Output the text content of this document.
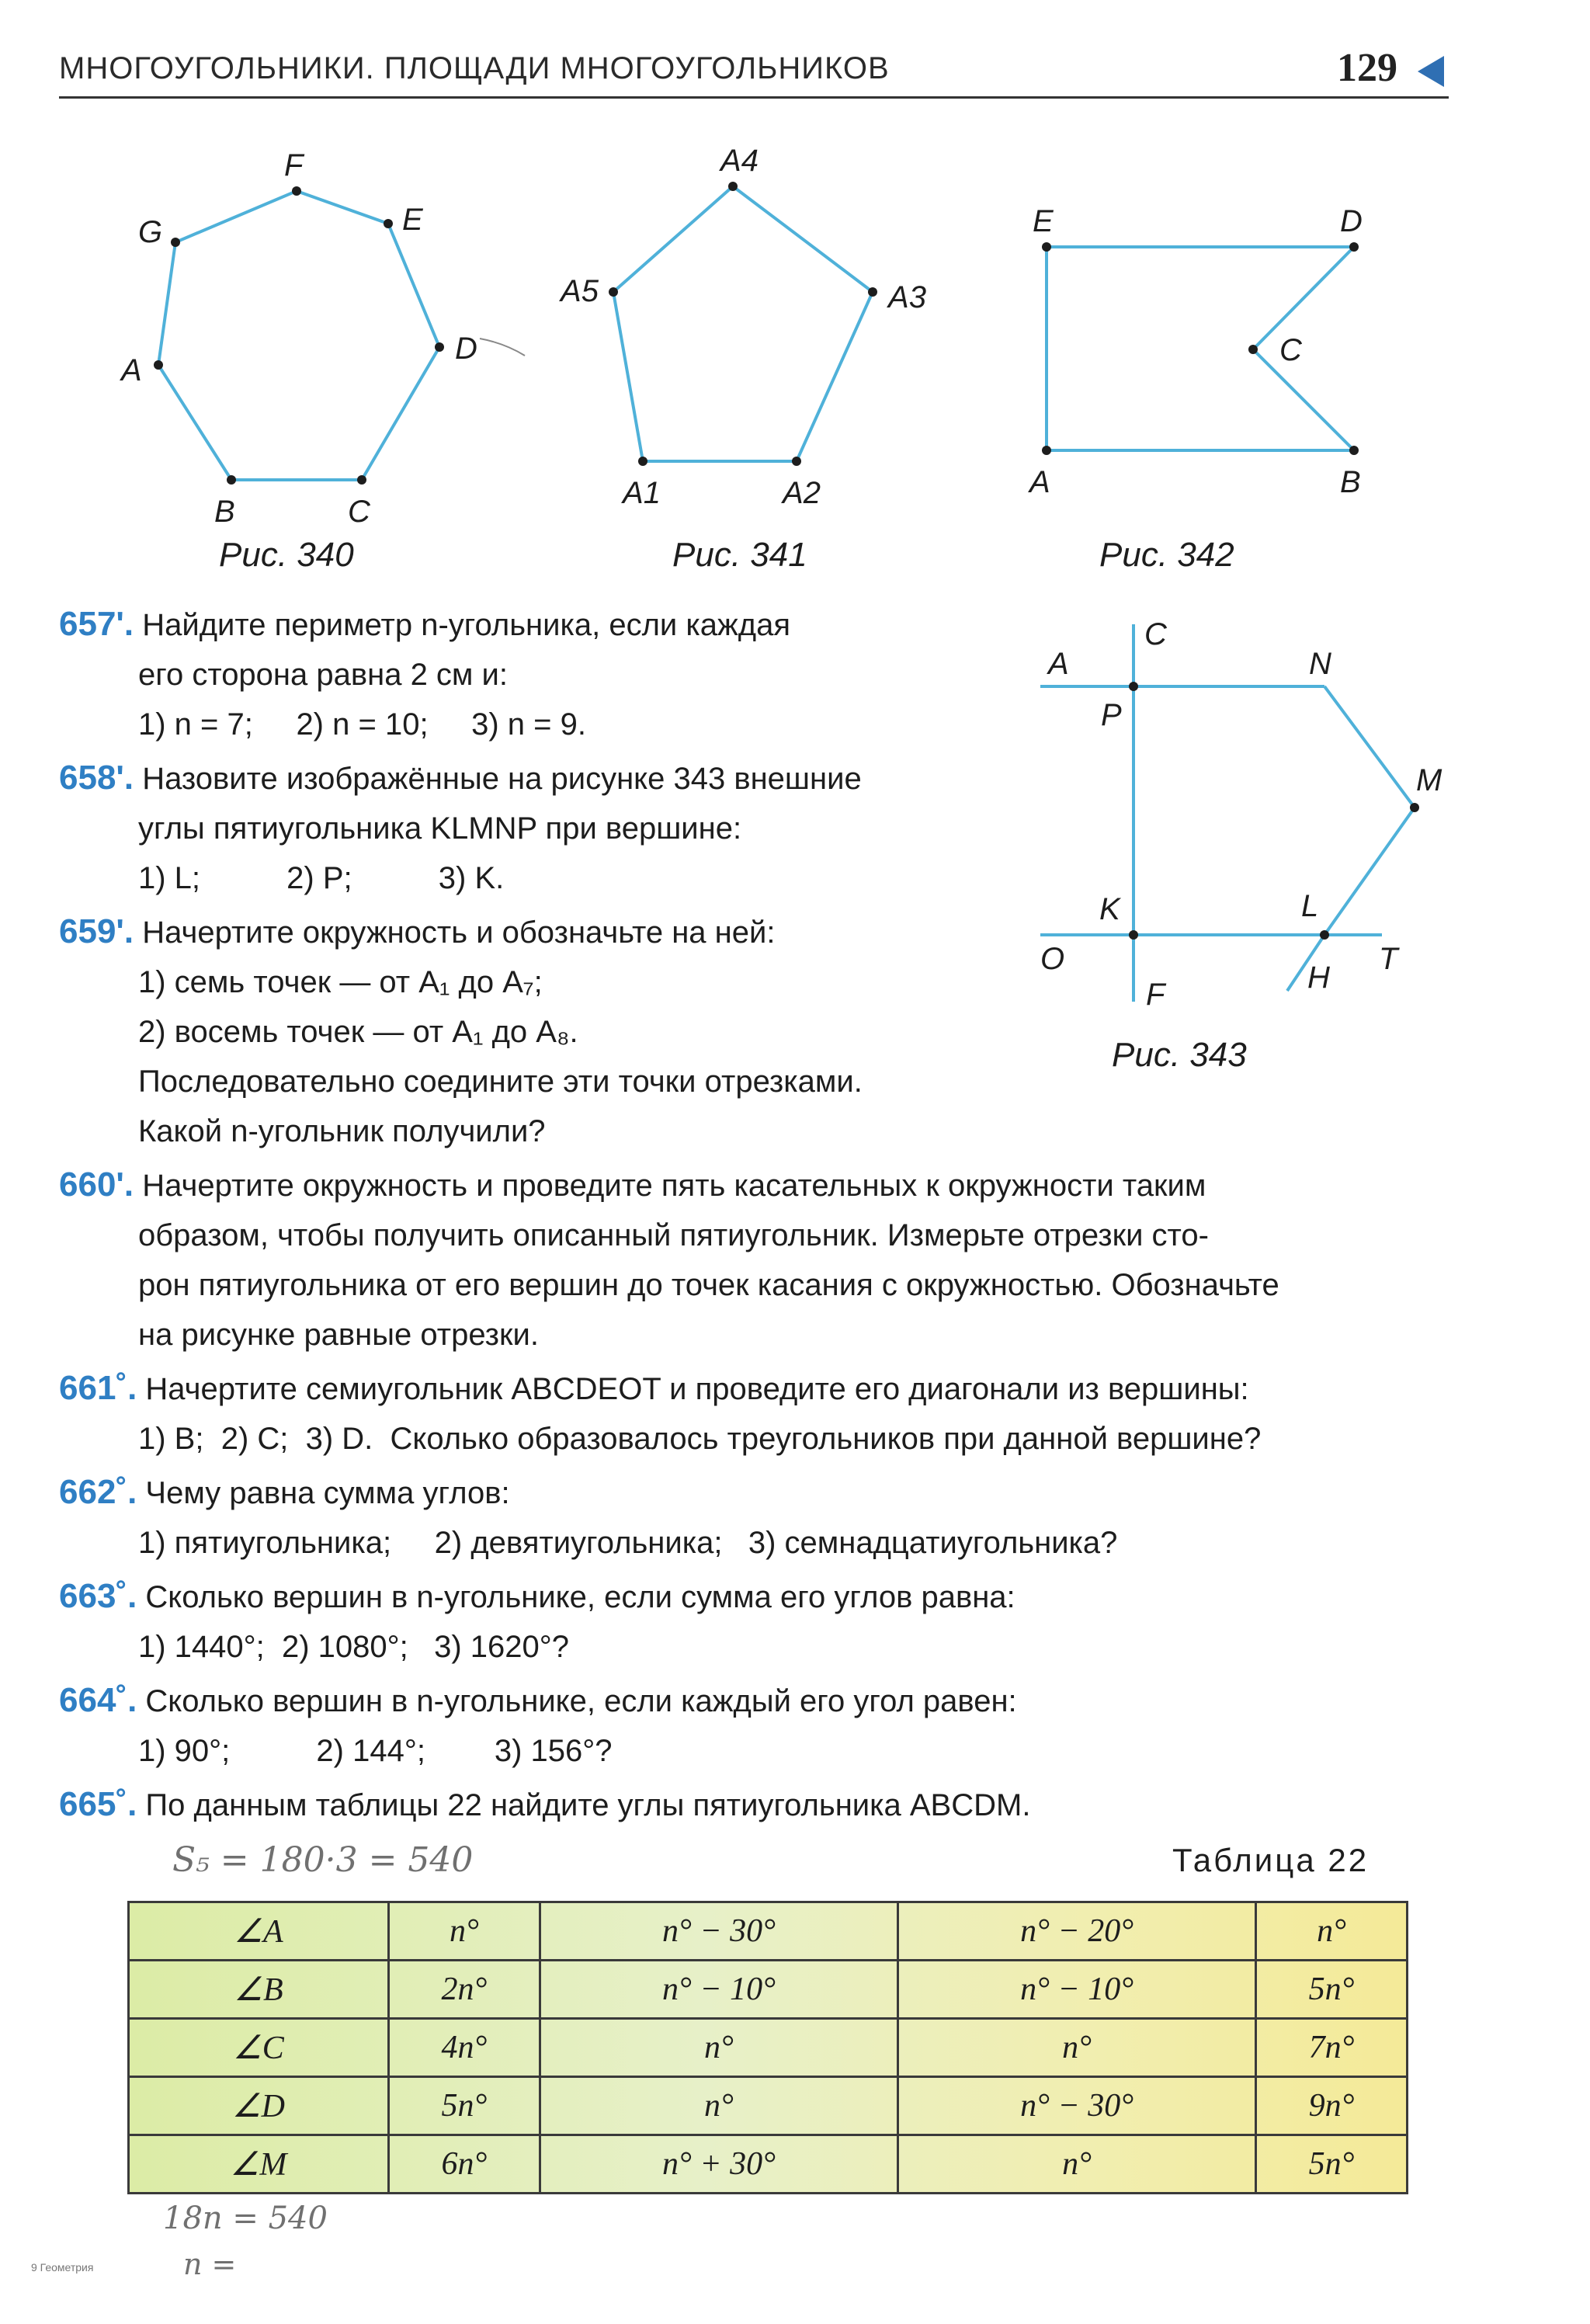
МНОГОУГОЛЬНИКИ. ПЛОЩАДИ МНОГОУГОЛЬНИКОВ	129
F
G	E
A
D
B	C
Рис. 340
A4
A5	A3
A1	A2
Рис. 341
E	D
C
A	B
Рис. 342
C
A	N
P
M
K	L
O	T
F	H
Рис. 343
657'. Найдите периметр n-угольника, если каждая
его сторона равна 2 см и:
1) n = 7;     2) n = 10;     3) n = 9.
658'. Назовите изображённые на рисунке 343 внешние
углы пятиугольника KLMNP при вершине:
1) L;          2) P;          3) K.
659'. Начертите окружность и обозначьте на ней:
1) семь точек — от A₁ до A₇;
2) восемь точек — от A₁ до A₈.
Последовательно соедините эти точки отрезками.
Какой n-угольник получили?
660'. Начертите окружность и проведите пять касательных к окружности таким
образом, чтобы получить описанный пятиугольник. Измерьте отрезки сто-
рон пятиугольника от его вершин до точек касания с окружностью. Обозначьте
на рисунке равные отрезки.
661˚. Начертите семиугольник ABCDEOT и проведите его диагонали из вершины:
1) B;  2) C;  3) D.  Сколько образовалось треугольников при данной вершине?
662˚. Чему равна сумма углов:
1) пятиугольника;     2) девятиугольника;   3) семнадцатиугольника?
663˚. Сколько вершин в n-угольнике, если сумма его углов равна:
1) 1440°;  2) 1080°;   3) 1620°?
664˚. Сколько вершин в n-угольнике, если каждый его угол равен:
1) 90°;          2) 144°;        3) 156°?
665˚. По данным таблицы 22 найдите углы пятиугольника ABCDM.
S₅ = 180·3 = 540	Таблица 22
∠A	n°	n° − 30°	n° − 20°	n°
∠B	2n°	n° − 10°	n° − 10°	5n°
∠C	4n°	n°	n°	7n°
∠D	5n°	n°	n° − 30°	9n°
∠M	6n°	n° + 30°	n°	5n°
18n = 540
n =
9 Геометрия
